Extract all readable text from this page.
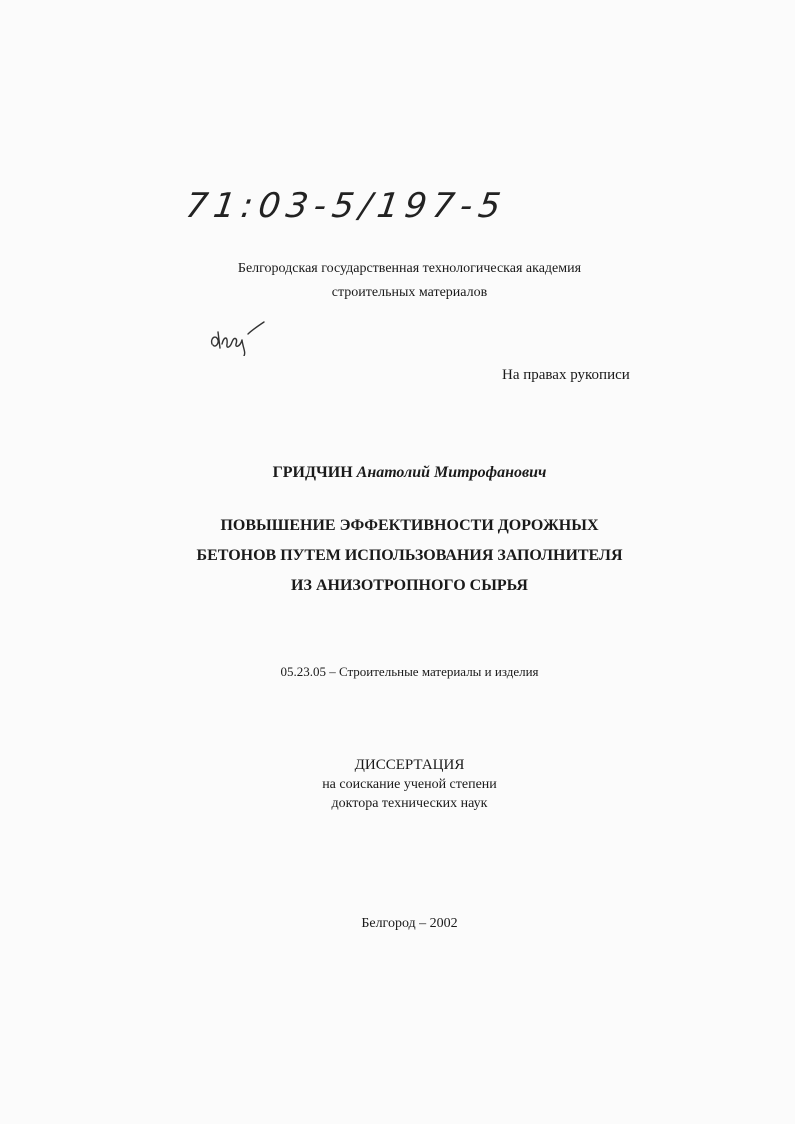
71:03-5/197-5
Белгородская государственная технологическая академия
строительных материалов
На правах рукописи
ГРИДЧИН Анатолий Митрофанович
ПОВЫШЕНИЕ ЭФФЕКТИВНОСТИ ДОРОЖНЫХ
БЕТОНОВ ПУТЕМ ИСПОЛЬЗОВАНИЯ ЗАПОЛНИТЕЛЯ
ИЗ АНИЗОТРОПНОГО СЫРЬЯ
05.23.05 – Строительные материалы и изделия
ДИССЕРТАЦИЯ
на соискание ученой степени
доктора технических наук
Белгород – 2002
